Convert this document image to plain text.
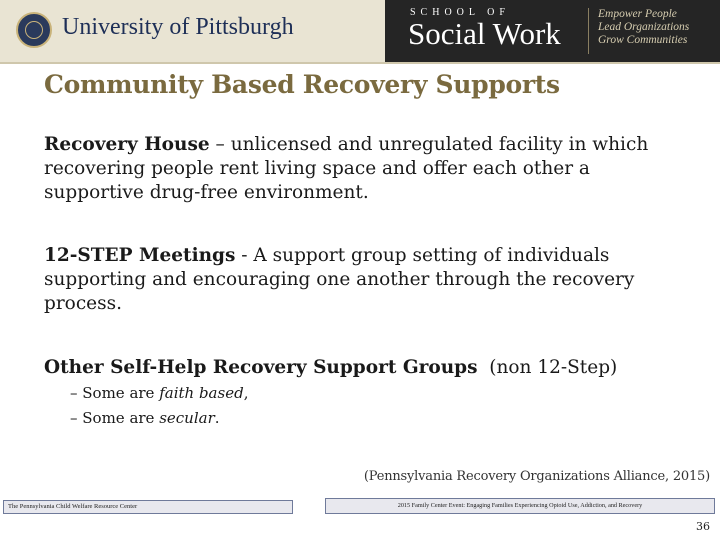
University of Pittsburgh
SCHOOL OF
Social Work
Empower People
Lead Organizations
Grow Communities
Community Based Recovery Supports
Recovery House – unlicensed and unregulated facility in which recovering people rent living space and offer each other a supportive drug-free environment.
12-STEP Meetings - A support group setting of individuals supporting and encouraging one another through the recovery process.
Other Self-Help Recovery Support Groups (non 12-Step)
– Some are faith based,
– Some are secular.
(Pennsylvania Recovery Organizations Alliance, 2015)
The Pennsylvania Child Welfare Resource Center	2015 Family Center Event: Engaging Families Experiencing Opioid Use, Addiction, and Recovery
36
